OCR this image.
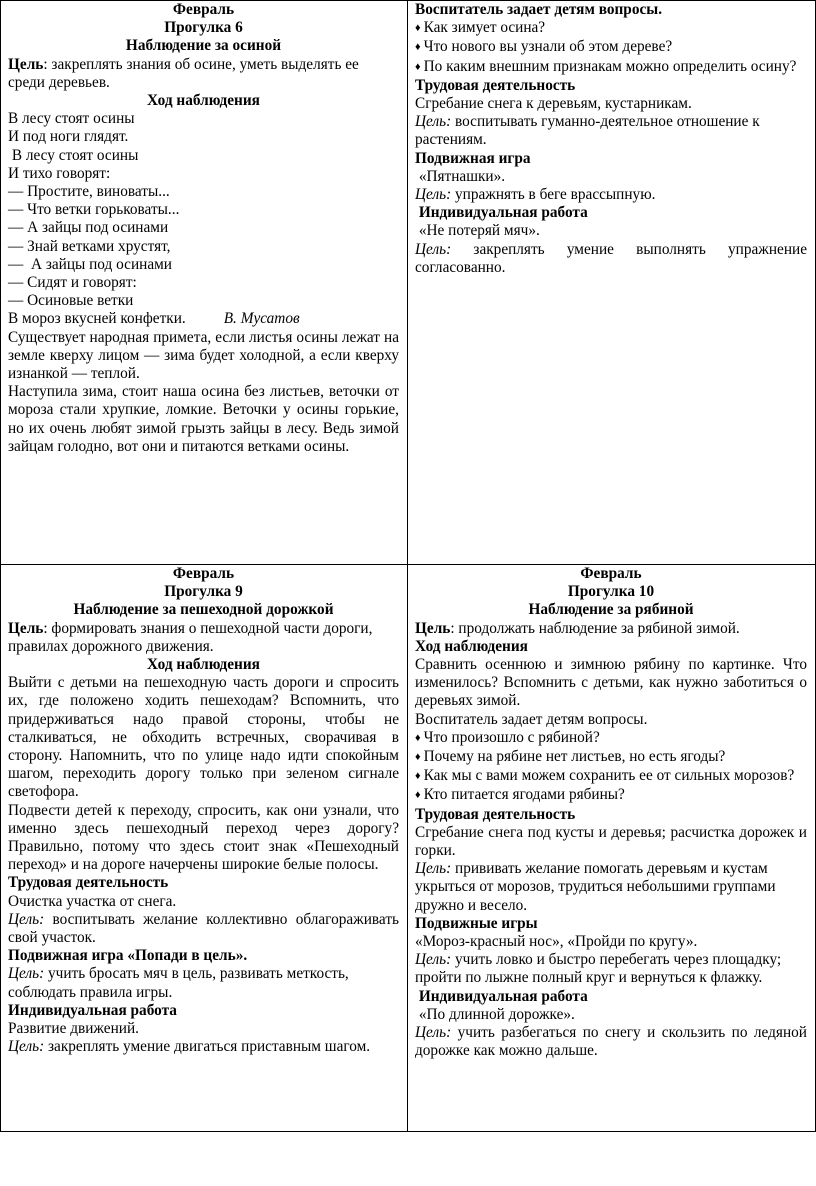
Февраль

Прогулка 6

Наблюдение за осиной

Цель: закреплять знания об осине, уметь выделять ее среди деревьев.

Ход наблюдения

В лесу стоят осины

И под ноги глядят.

В лесу стоят осины

И тихо говорят:

— Простите, виноваты...

— Что ветки горьковаты...

— А зайцы под осинами

— Знай ветками хрустят,

—  А зайцы под осинами

— Сидят и говорят:

— Осиновые ветки

В мороз вкусней конфетки. В. Мусатов

Существует народная примета, если листья осины лежат на земле кверху лицом — зима будет холодной, а если кверху изнанкой — теплой.

Наступила зима, стоит наша осина без листьев, веточки от мороза стали хрупкие, ломкие. Веточки у осины горькие, но их очень любят зимой грызть зайцы в лесу. Ведь зимой зайцам голодно, вот они и питаются ветками осины.

Воспитатель задает детям вопросы.

♦ Как зимует осина?

♦ Что нового вы узнали об этом дереве?

♦ По каким внешним признакам можно определить осину?

Трудовая деятельность

Сгребание снега к деревьям, кустарникам.

Цель: воспитывать гуманно-деятельное отношение к растениям.

Подвижная игра

«Пятнашки».

Цель: упражнять в беге врассыпную.

Индивидуальная работа

«Не потеряй мяч».

Цель: закреплять умение выполнять упражнение согласованно.

Февраль

Прогулка 9

Наблюдение за пешеходной дорожкой

Цель: формировать знания о пешеходной части дороги, правилах дорожного движения.

Ход наблюдения

Выйти с детьми на пешеходную часть дороги и спросить их, где положено ходить пешеходам? Вспомнить, что придерживаться надо правой стороны, чтобы не сталкиваться, не обходить встречных, сворачивая в сторону. Напомнить, что по улице надо идти спокойным шагом, переходить дорогу только при зеленом сигнале светофора.

Подвести детей к переходу, спросить, как они узнали, что именно здесь пешеходный переход через дорогу? Правильно, потому что здесь стоит знак «Пешеходный переход» и на дороге начерчены широкие белые полосы.

Трудовая деятельность

Очистка участка от снега.

Цель: воспитывать желание коллективно облагораживать свой участок.

Подвижная игра «Попади в цель».

Цель: учить бросать мяч в цель, развивать меткость, соблюдать правила игры.

Индивидуальная работа

Развитие движений.

Цель: закреплять умение двигаться приставным шагом.

Февраль

Прогулка 10

Наблюдение за рябиной

Цель: продолжать наблюдение за рябиной зимой.

Ход наблюдения

Сравнить осеннюю и зимнюю рябину по картинке. Что изменилось? Вспомнить с детьми, как нужно заботиться о деревьях зимой.

Воспитатель задает детям вопросы.

♦ Что произошло с рябиной?

♦ Почему на рябине нет листьев, но есть ягоды?

♦ Как мы с вами можем сохранить ее от сильных морозов?

♦ Кто питается ягодами рябины?

Трудовая деятельность

Сгребание снега под кусты и деревья; расчистка дорожек и горки.

Цель: прививать желание помогать деревьям и кустам укрыться от морозов, трудиться небольшими группами дружно и весело.

Подвижные игры

«Мороз-красный нос», «Пройди по кругу».

Цель: учить ловко и быстро перебегать через площадку; пройти по лыжне полный круг и вернуться к флажку. Индивидуальная работа

«По длинной дорожке».

Цель: учить разбегаться по снегу и скользить по ледяной дорожке как можно дальше.
